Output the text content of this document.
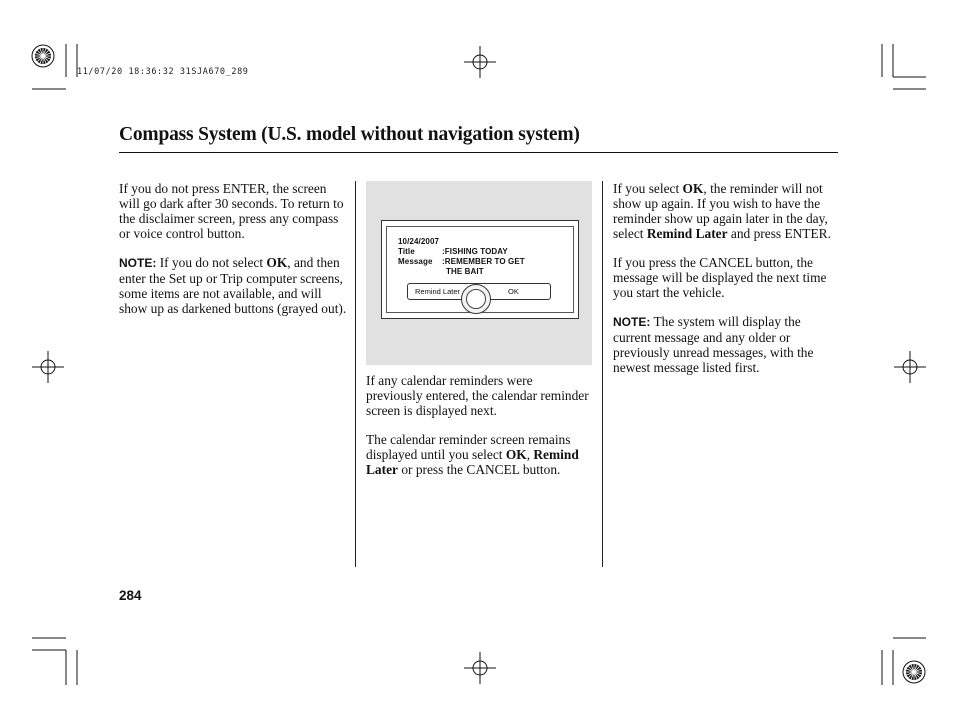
11/07/20 18:36:32 31SJA670_289
Compass System (U.S. model without navigation system)

If you do not press ENTER, the screen will go dark after 30 seconds. To return to the disclaimer screen, press any compass or voice control button.

NOTE: If you do not select OK, and then enter the Set up or Trip computer screens, some items are not available, and will show up as darkened buttons (grayed out).

10/24/2007
Title	:FISHING TODAY
Message :REMEMBER TO GET
THE BAIT
Remind Later	OK

If any calendar reminders were previously entered, the calendar reminder screen is displayed next.

The calendar reminder screen remains displayed until you select OK, Remind Later or press the CANCEL button.

If you select OK, the reminder will not show up again. If you wish to have the reminder show up again later in the day, select Remind Later and press ENTER.

If you press the CANCEL button, the message will be displayed the next time you start the vehicle.

NOTE: The system will display the current message and any older or previously unread messages, with the newest message listed first.

284
